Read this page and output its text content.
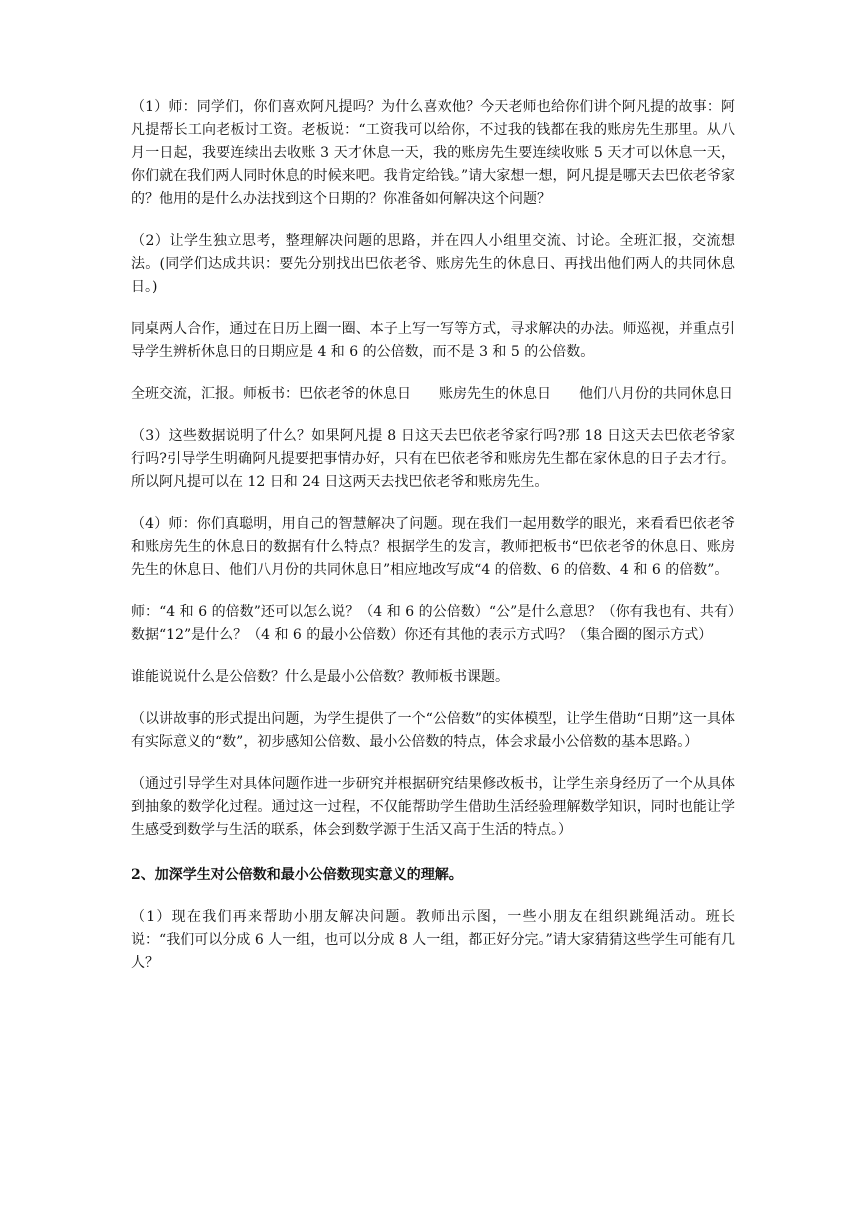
（1）师：同学们，你们喜欢阿凡提吗？为什么喜欢他？今天老师也给你们讲个阿凡提的故事：阿凡提帮长工向老板讨工资。老板说：“工资我可以给你，不过我的钱都在我的账房先生那里。从八月一日起，我要连续出去收账 3 天才休息一天，我的账房先生要连续收账 5 天才可以休息一天，你们就在我们两人同时休息的时候来吧。我肯定给钱。”请大家想一想，阿凡提是哪天去巴依老爷家的？他用的是什么办法找到这个日期的？你准备如何解决这个问题？

（2）让学生独立思考，整理解决问题的思路，并在四人小组里交流、讨论。全班汇报，交流想法。(同学们达成共识：要先分别找出巴依老爷、账房先生的休息日、再找出他们两人的共同休息日。)

同桌两人合作，通过在日历上圈一圈、本子上写一写等方式，寻求解决的办法。师巡视，并重点引导学生辨析休息日的日期应是 4 和 6 的公倍数，而不是 3 和 5 的公倍数。

全班交流，汇报。师板书：巴依老爷的休息日　　账房先生的休息日　　他们八月份的共同休息日

（3）这些数据说明了什么？如果阿凡提 8 日这天去巴依老爷家行吗?那 18 日这天去巴依老爷家行吗?引导学生明确阿凡提要把事情办好，只有在巴依老爷和账房先生都在家休息的日子去才行。所以阿凡提可以在 12 日和 24 日这两天去找巴依老爷和账房先生。

（4）师：你们真聪明，用自己的智慧解决了问题。现在我们一起用数学的眼光，来看看巴依老爷和账房先生的休息日的数据有什么特点？根据学生的发言，教师把板书“巴依老爷的休息日、账房先生的休息日、他们八月份的共同休息日”相应地改写成“4 的倍数、6 的倍数、4 和 6 的倍数”。

师：“4 和 6 的倍数”还可以怎么说？（4 和 6 的公倍数）“公”是什么意思？（你有我也有、共有）数据“12”是什么？（4 和 6 的最小公倍数）你还有其他的表示方式吗？（集合圈的图示方式）

谁能说说什么是公倍数？什么是最小公倍数？教师板书课题。

（以讲故事的形式提出问题，为学生提供了一个“公倍数”的实体模型，让学生借助“日期”这一具体有实际意义的“数”，初步感知公倍数、最小公倍数的特点，体会求最小公倍数的基本思路。）

（通过引导学生对具体问题作进一步研究并根据研究结果修改板书，让学生亲身经历了一个从具体到抽象的数学化过程。通过这一过程，不仅能帮助学生借助生活经验理解数学知识，同时也能让学生感受到数学与生活的联系，体会到数学源于生活又高于生活的特点。）

2、加深学生对公倍数和最小公倍数现实意义的理解。

（1）现在我们再来帮助小朋友解决问题。教师出示图，一些小朋友在组织跳绳活动。班长说：“我们可以分成 6 人一组，也可以分成 8 人一组，都正好分完。”请大家猜猜这些学生可能有几人？
